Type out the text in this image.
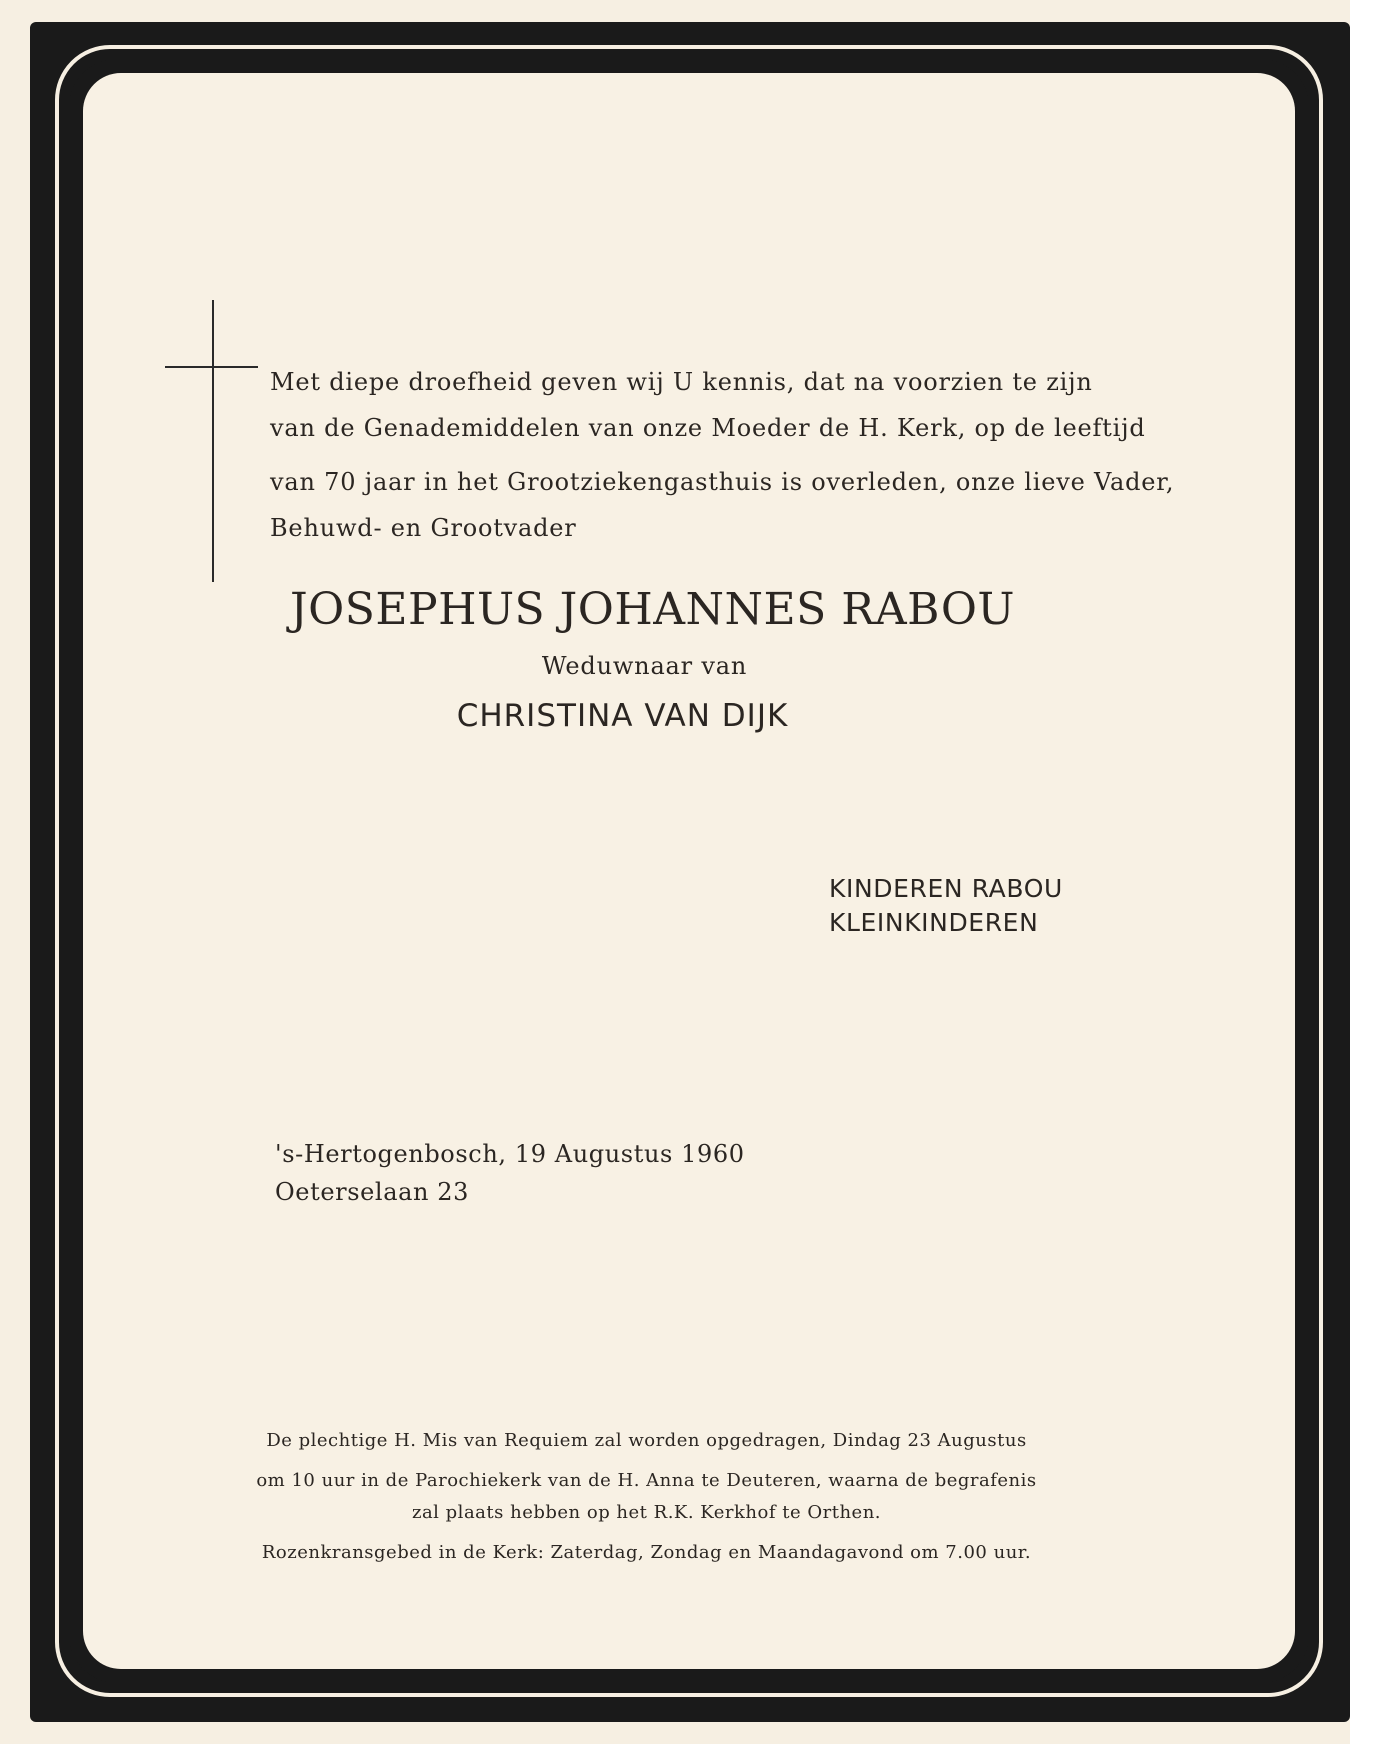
Met diepe droefheid geven wij U kennis, dat na voorzien te zijn
van de Genademiddelen van onze Moeder de H. Kerk, op de leeftijd
van 70 jaar in het Grootziekengasthuis is overleden, onze lieve Vader,
Behuwd- en Grootvader
JOSEPHUS JOHANNES RABOU
Weduwnaar van
CHRISTINA VAN DIJK
KINDEREN RABOU
KLEINKINDEREN
's-Hertogenbosch, 19 Augustus 1960
Oeterselaan 23
De plechtige H. Mis van Requiem zal worden opgedragen, Dindag 23 Augustus
om 10 uur in de Parochiekerk van de H. Anna te Deuteren, waarna de begrafenis
zal plaats hebben op het R.K. Kerkhof te Orthen.
Rozenkransgebed in de Kerk: Zaterdag, Zondag en Maandagavond om 7.00 uur.
